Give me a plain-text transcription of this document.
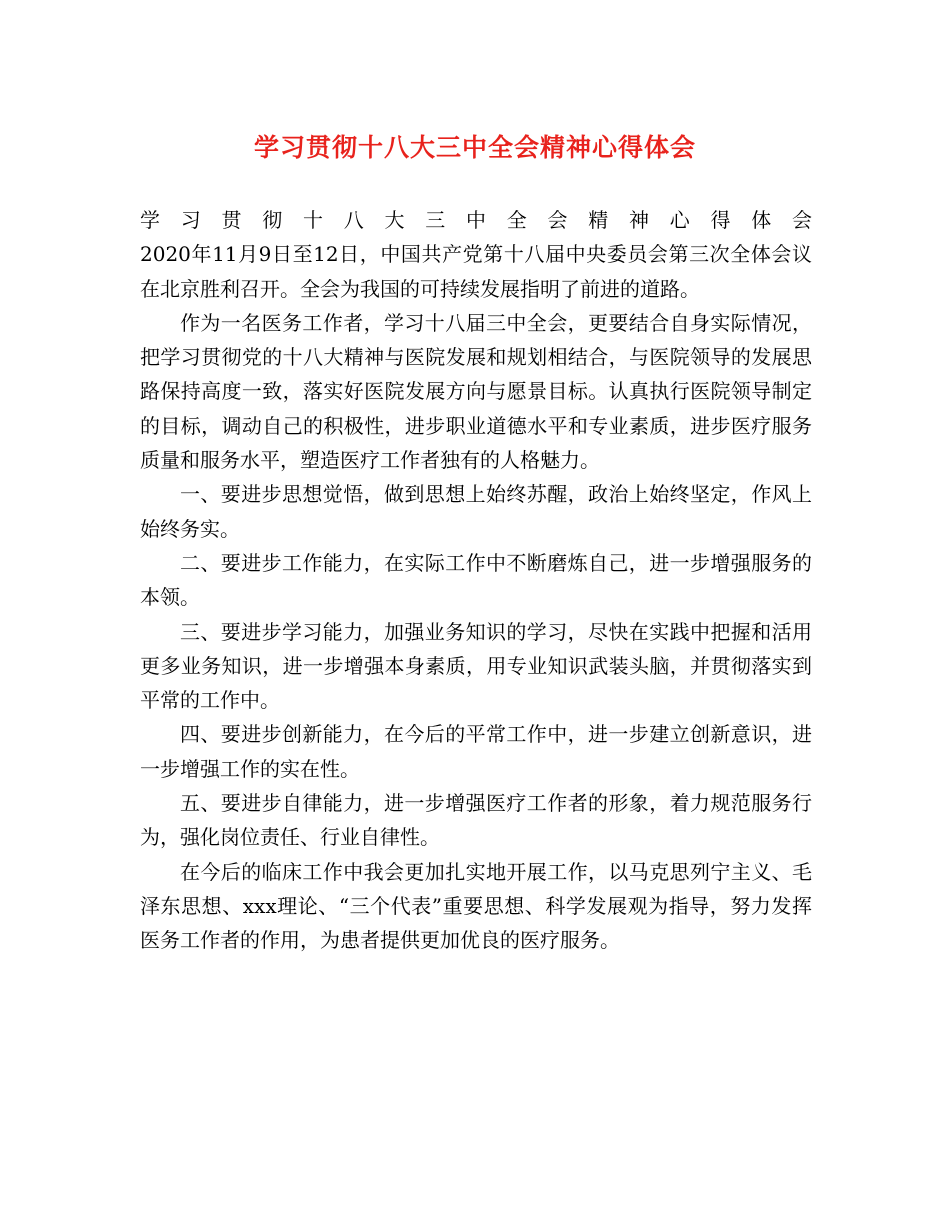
学习贯彻十八大三中全会精神心得体会

学习贯彻十八大三中全会精神心得体会
2020年11月9日至12日，中国共产党第十八届中央委员会第三次全体会议在北京胜利召开。全会为我国的可持续发展指明了前进的道路。

作为一名医务工作者，学习十八届三中全会，更要结合自身实际情况，把学习贯彻党的十八大精神与医院发展和规划相结合，与医院领导的发展思路保持高度一致，落实好医院发展方向与愿景目标。认真执行医院领导制定的目标，调动自己的积极性，进步职业道德水平和专业素质，进步医疗服务质量和服务水平，塑造医疗工作者独有的人格魅力。

一、要进步思想觉悟，做到思想上始终苏醒，政治上始终坚定，作风上始终务实。

二、要进步工作能力，在实际工作中不断磨炼自己，进一步增强服务的本领。

三、要进步学习能力，加强业务知识的学习，尽快在实践中把握和活用更多业务知识，进一步增强本身素质，用专业知识武装头脑，并贯彻落实到平常的工作中。

四、要进步创新能力，在今后的平常工作中，进一步建立创新意识，进一步增强工作的实在性。

五、要进步自律能力，进一步增强医疗工作者的形象，着力规范服务行为，强化岗位责任、行业自律性。

在今后的临床工作中我会更加扎实地开展工作，以马克思列宁主义、毛泽东思想、xxx理论、“三个代表”重要思想、科学发展观为指导，努力发挥医务工作者的作用，为患者提供更加优良的医疗服务。
